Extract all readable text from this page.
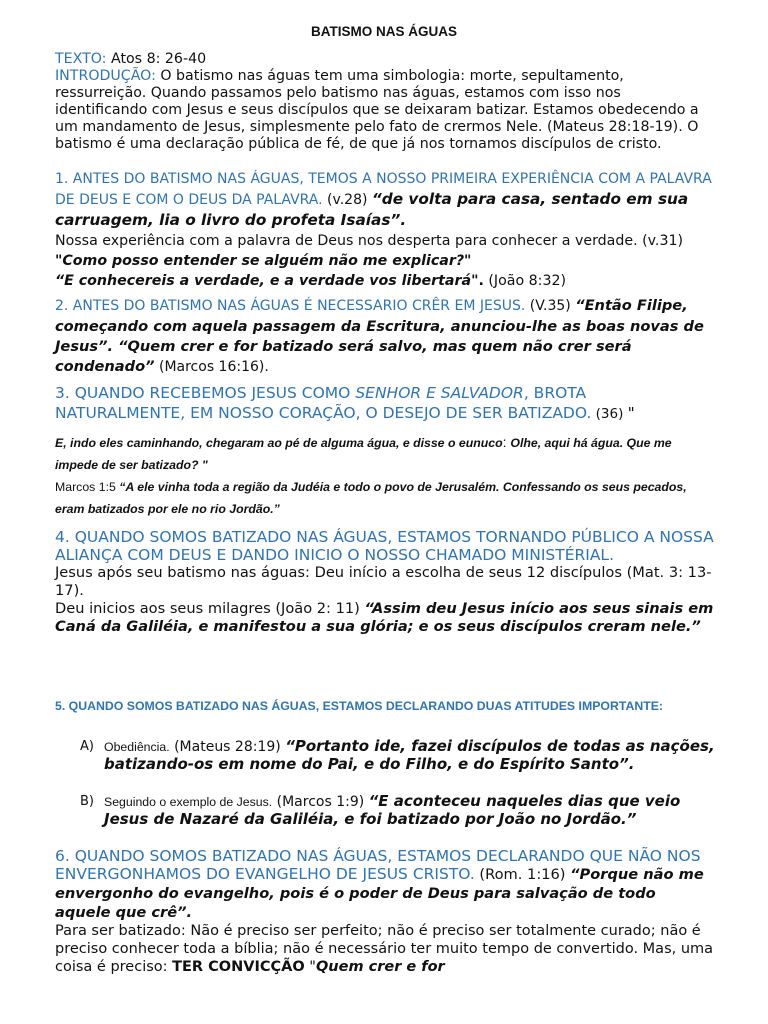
BATISMO NAS ÁGUAS
TEXTO: Atos 8: 26-40
INTRODUÇÃO: O batismo nas águas tem uma simbologia: morte, sepultamento, ressurreição. Quando passamos pelo batismo nas águas, estamos com isso nos identificando com Jesus e seus discípulos que se deixaram batizar. Estamos obedecendo a um mandamento de Jesus, simplesmente pelo fato de crermos Nele. (Mateus 28:18-19). O batismo é uma declaração pública de fé, de que já nos tornamos discípulos de cristo.
1. ANTES DO BATISMO NAS ÁGUAS, TEMOS A NOSSO PRIMEIRA EXPERIÊNCIA COM A PALAVRA DE DEUS E COM O DEUS DA PALAVRA. (v.28) “de volta para casa, sentado em sua carruagem, lia o livro do profeta Isaías”.
Nossa experiência com a palavra de Deus nos desperta para conhecer a verdade. (v.31) "Como posso entender se alguém não me explicar?"
“E conhecereis a verdade, e a verdade vos libertará". (João 8:32)
2. ANTES DO BATISMO NAS ÁGUAS É NECESSARIO CRÊR EM JESUS. (V.35) “Então Filipe, começando com aquela passagem da Escritura, anunciou-lhe as boas novas de Jesus”. “Quem crer e for batizado será salvo, mas quem não crer será condenado” (Marcos 16:16).
3. QUANDO RECEBEMOS JESUS COMO SENHOR E SALVADOR, BROTA NATURALMENTE, EM NOSSO CORAÇÃO, O DESEJO DE SER BATIZADO. (36) "
E, indo eles caminhando, chegaram ao pé de alguma água, e disse o eunuco: Olhe, aqui há água. Que me impede de ser batizado? "
Marcos 1:5 “A ele vinha toda a região da Judéia e todo o povo de Jerusalém. Confessando os seus pecados, eram batizados por ele no rio Jordão.”
4. QUANDO SOMOS BATIZADO NAS ÁGUAS, ESTAMOS TORNANDO PÚBLICO A NOSSA ALIANÇA COM DEUS E DANDO INICIO O NOSSO CHAMADO MINISTÉRIAL.
Jesus após seu batismo nas águas: Deu início a escolha de seus 12 discípulos (Mat. 3: 13-17).
Deu inicios aos seus milagres (João 2: 11) “Assim deu Jesus início aos seus sinais em Caná da Galiléia, e manifestou a sua glória; e os seus discípulos creram nele.”
5. QUANDO SOMOS BATIZADO NAS ÁGUAS, ESTAMOS DECLARANDO DUAS ATITUDES IMPORTANTE:
A) Obediência. (Mateus 28:19) “Portanto ide, fazei discípulos de todas as nações, batizando-os em nome do Pai, e do Filho, e do Espírito Santo”.
B) Seguindo o exemplo de Jesus. (Marcos 1:9) “E aconteceu naqueles dias que veio Jesus de Nazaré da Galiléia, e foi batizado por João no Jordão.”
6. QUANDO SOMOS BATIZADO NAS ÁGUAS, ESTAMOS DECLARANDO QUE NÃO NOS ENVERGONHAMOS DO EVANGELHO DE JESUS CRISTO. (Rom. 1:16) “Porque não me envergonho do evangelho, pois é o poder de Deus para salvação de todo aquele que crê”.
Para ser batizado: Não é preciso ser perfeito; não é preciso ser totalmente curado; não é preciso conhecer toda a bíblia; não é necessário ter muito tempo de convertido. Mas, uma coisa é preciso: TER CONVICÇÃO "Quem crer e for
